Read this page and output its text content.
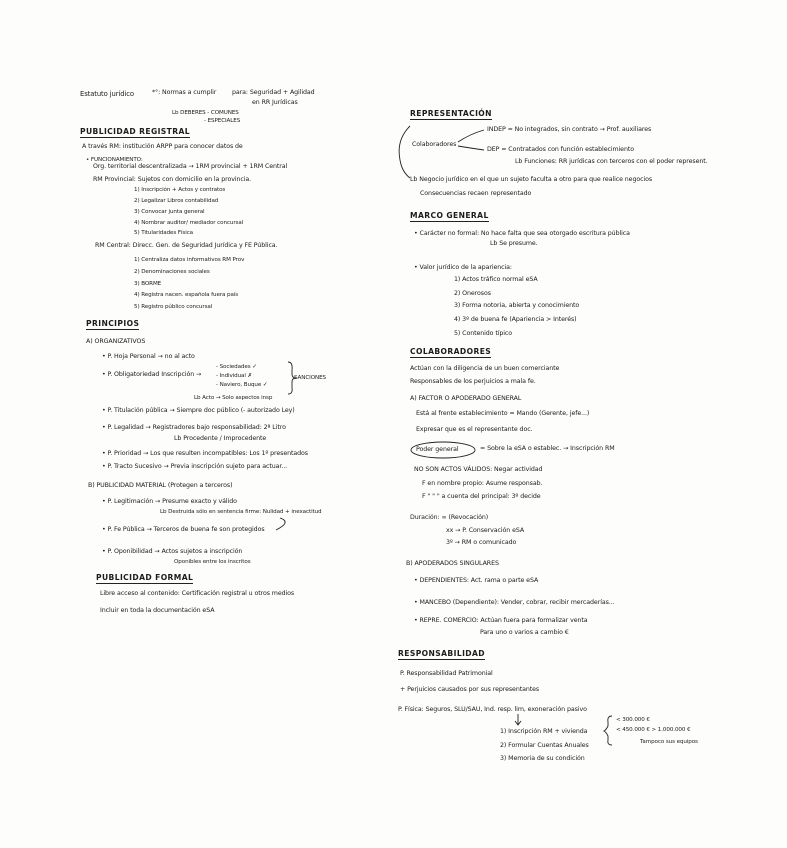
Estatuto jurídico	*°: Normas a cumplir para: Seguridad + Agilidad
en RR Jurídicas
Lb DEBERES - COMUNES
- ESPECIALES
PUBLICIDAD REGISTRAL
A través RM: institución ARPP para conocer datos de
• FUNCIONAMIENTO:
Org. territorial descentralizada → 1RM provincial + 1RM Central
RM Provincial: Sujetos con domicilio en la provincia.
1) Inscripción + Actos y contratos
2) Legalizar Libros contabilidad
3) Convocar junta general
4) Nombrar auditor/ mediador concursal
5) Titularidades Física
RM Central: Direcc. Gen. de Seguridad Jurídica y FE Pública.
1) Centraliza datos informativos RM Prov
2) Denominaciones sociales
3) BORME
4) Registra nacen. española fuera país
5) Registro público concursal
PRINCIPIOS
A) ORGANIZATIVOS
• P. Hoja Personal → no al acto
• P. Obligatoriedad Inscripción →
- Sociedades ✓
- Individual ✗
- Naviero, Buque ✓
SANCIONES
Lb Acto → Solo aspectos insp
• P. Titulación pública → Siempre doc público (- autorizado Ley)
• P. Legalidad → Registradores bajo responsabilidad: 2ª Litro
Lb Procedente / Improcedente
• P. Prioridad → Los que resulten incompatibles: Los 1º presentados
• P. Tracto Sucesivo → Previa inscripción sujeto para actuar...
B) PUBLICIDAD MATERIAL (Protegen a terceros)
• P. Legitimación → Presume exacto y válido
Lb Destruida sólo en sentencia firme: Nulidad + inexactitud
• P. Fe Pública → Terceros de buena fe son protegidos
• P. Oponibilidad → Actos sujetos a inscripción
Oponibles entre los inscritos
PUBLICIDAD FORMAL
Libre acceso al contenido: Certificación registral u otros medios
Incluir en toda la documentación eSA
REPRESENTACIÓN
Colaboradores
INDEP = No integrados, sin contrato → Prof. auxiliares
DEP = Contratados con función establecimiento
Lb Funciones: RR jurídicas con terceros con el poder represent.
Lb Negocio jurídico en el que un sujeto faculta a otro para que realice negocios
Consecuencias recaen representado
MARCO GENERAL
• Carácter no formal: No hace falta que sea otorgado escritura pública
Lb Se presume.
• Valor jurídico de la apariencia:
1) Actos tráfico normal eSA
2) Onerosos
3) Forma notoria, abierta y conocimiento
4) 3º de buena fe (Apariencia > Interés)
5) Contenido típico
COLABORADORES
Actúan con la diligencia de un buen comerciante
Responsables de los perjuicios a mala fe.
A) FACTOR O APODERADO GENERAL
Está al frente establecimiento = Mando (Gerente, jefe...)
Expresar que es el representante doc.
Poder general	= Sobre la eSA o establec. → Inscripción RM
NO SON ACTOS VÁLIDOS: Negar actividad
F en nombre propio: Asume responsab.
F " " " a cuenta del principal: 3º decide
Duración: ∞ (Revocación)
xx → P. Conservación eSA
3º → RM o comunicado
B) APODERADOS SINGULARES
• DEPENDIENTES: Act. rama o parte eSA
• MANCEBO (Dependiente): Vender, cobrar, recibir mercaderías...
• REPRE. COMERCIO: Actúan fuera para formalizar venta
Para uno o varios a cambio €
RESPONSABILIDAD
P. Responsabilidad Patrimonial
+ Perjuicios causados por sus representantes
P. Física: Seguros, SLU/SAU, Ind. resp. lim, exoneración pasivo
1) Inscripción RM + vivienda
< 300.000 €
< 450.000 € > 1.000.000 €
Tampoco sus equipos
2) Formular Cuentas Anuales
3) Memoria de su condición
